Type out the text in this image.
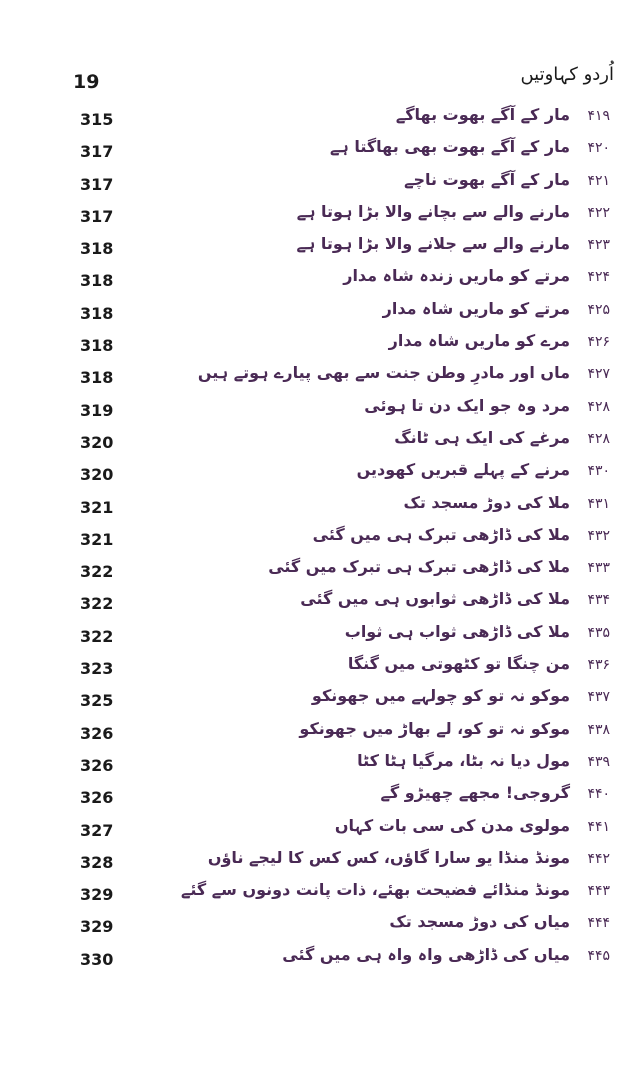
19	اُردو کہاوتیں
315	۴۱۹مار کے آگے بھوت بھاگے
317	۴۲۰مار کے آگے بھوت بھی بھاگتا ہے
317	۴۲۱مار کے آگے بھوت ناچے
317	۴۲۲مارنے والے سے بچانے والا بڑا ہوتا ہے
318	۴۲۳مارنے والے سے جلانے والا بڑا ہوتا ہے
318	۴۲۴مرتے کو ماریں زندہ شاہ مدار
318	۴۲۵مرتے کو ماریں شاہ مدار
318	۴۲۶مرے کو ماریں شاہ مدار
318	۴۲۷ماں اور مادرِ وطن جنت سے بھی پیارے ہوتے ہیں
319	۴۲۸مرد وہ جو ایک دن تا ہوئی
320	۴۲۸مرغے کی ایک ہی ٹانگ
320	۴۳۰مرنے کے پہلے قبریں کھودیں
321	۴۳۱ملا کی دوڑ مسجد تک
321	۴۳۲ملا کی ڈاڑھی تبرک ہی میں گئی
322	۴۳۳ملا کی ڈاڑھی تبرک ہی تبرک میں گئی
322	۴۳۴ملا کی ڈاڑھی ثوابوں ہی میں گئی
322	۴۳۵ملا کی ڈاڑھی ثواب ہی ثواب
323	۴۳۶من چنگا تو کٹھوتی میں گنگا
325	۴۳۷موکو نہ تو کو چولہے میں جھونکو
326	۴۳۸موکو نہ تو کو، لے بھاڑ میں جھونکو
326	۴۳۹مول دیا نہ بٹا، مرگیا ہٹا کٹا
326	۴۴۰گروجی! مجھے چھیڑو گے
327	۴۴۱مولوی مدن کی سی بات کہاں
328	۴۴۲مونڈ منڈا یو سارا گاؤں، کس کس کا لیجے ناؤں
329	۴۴۳مونڈ منڈائے فضیحت بھئے، ذات پانت دونوں سے گئے
329	۴۴۴میاں کی دوڑ مسجد تک
330	۴۴۵میاں کی ڈاڑھی واہ واہ ہی میں گئی
